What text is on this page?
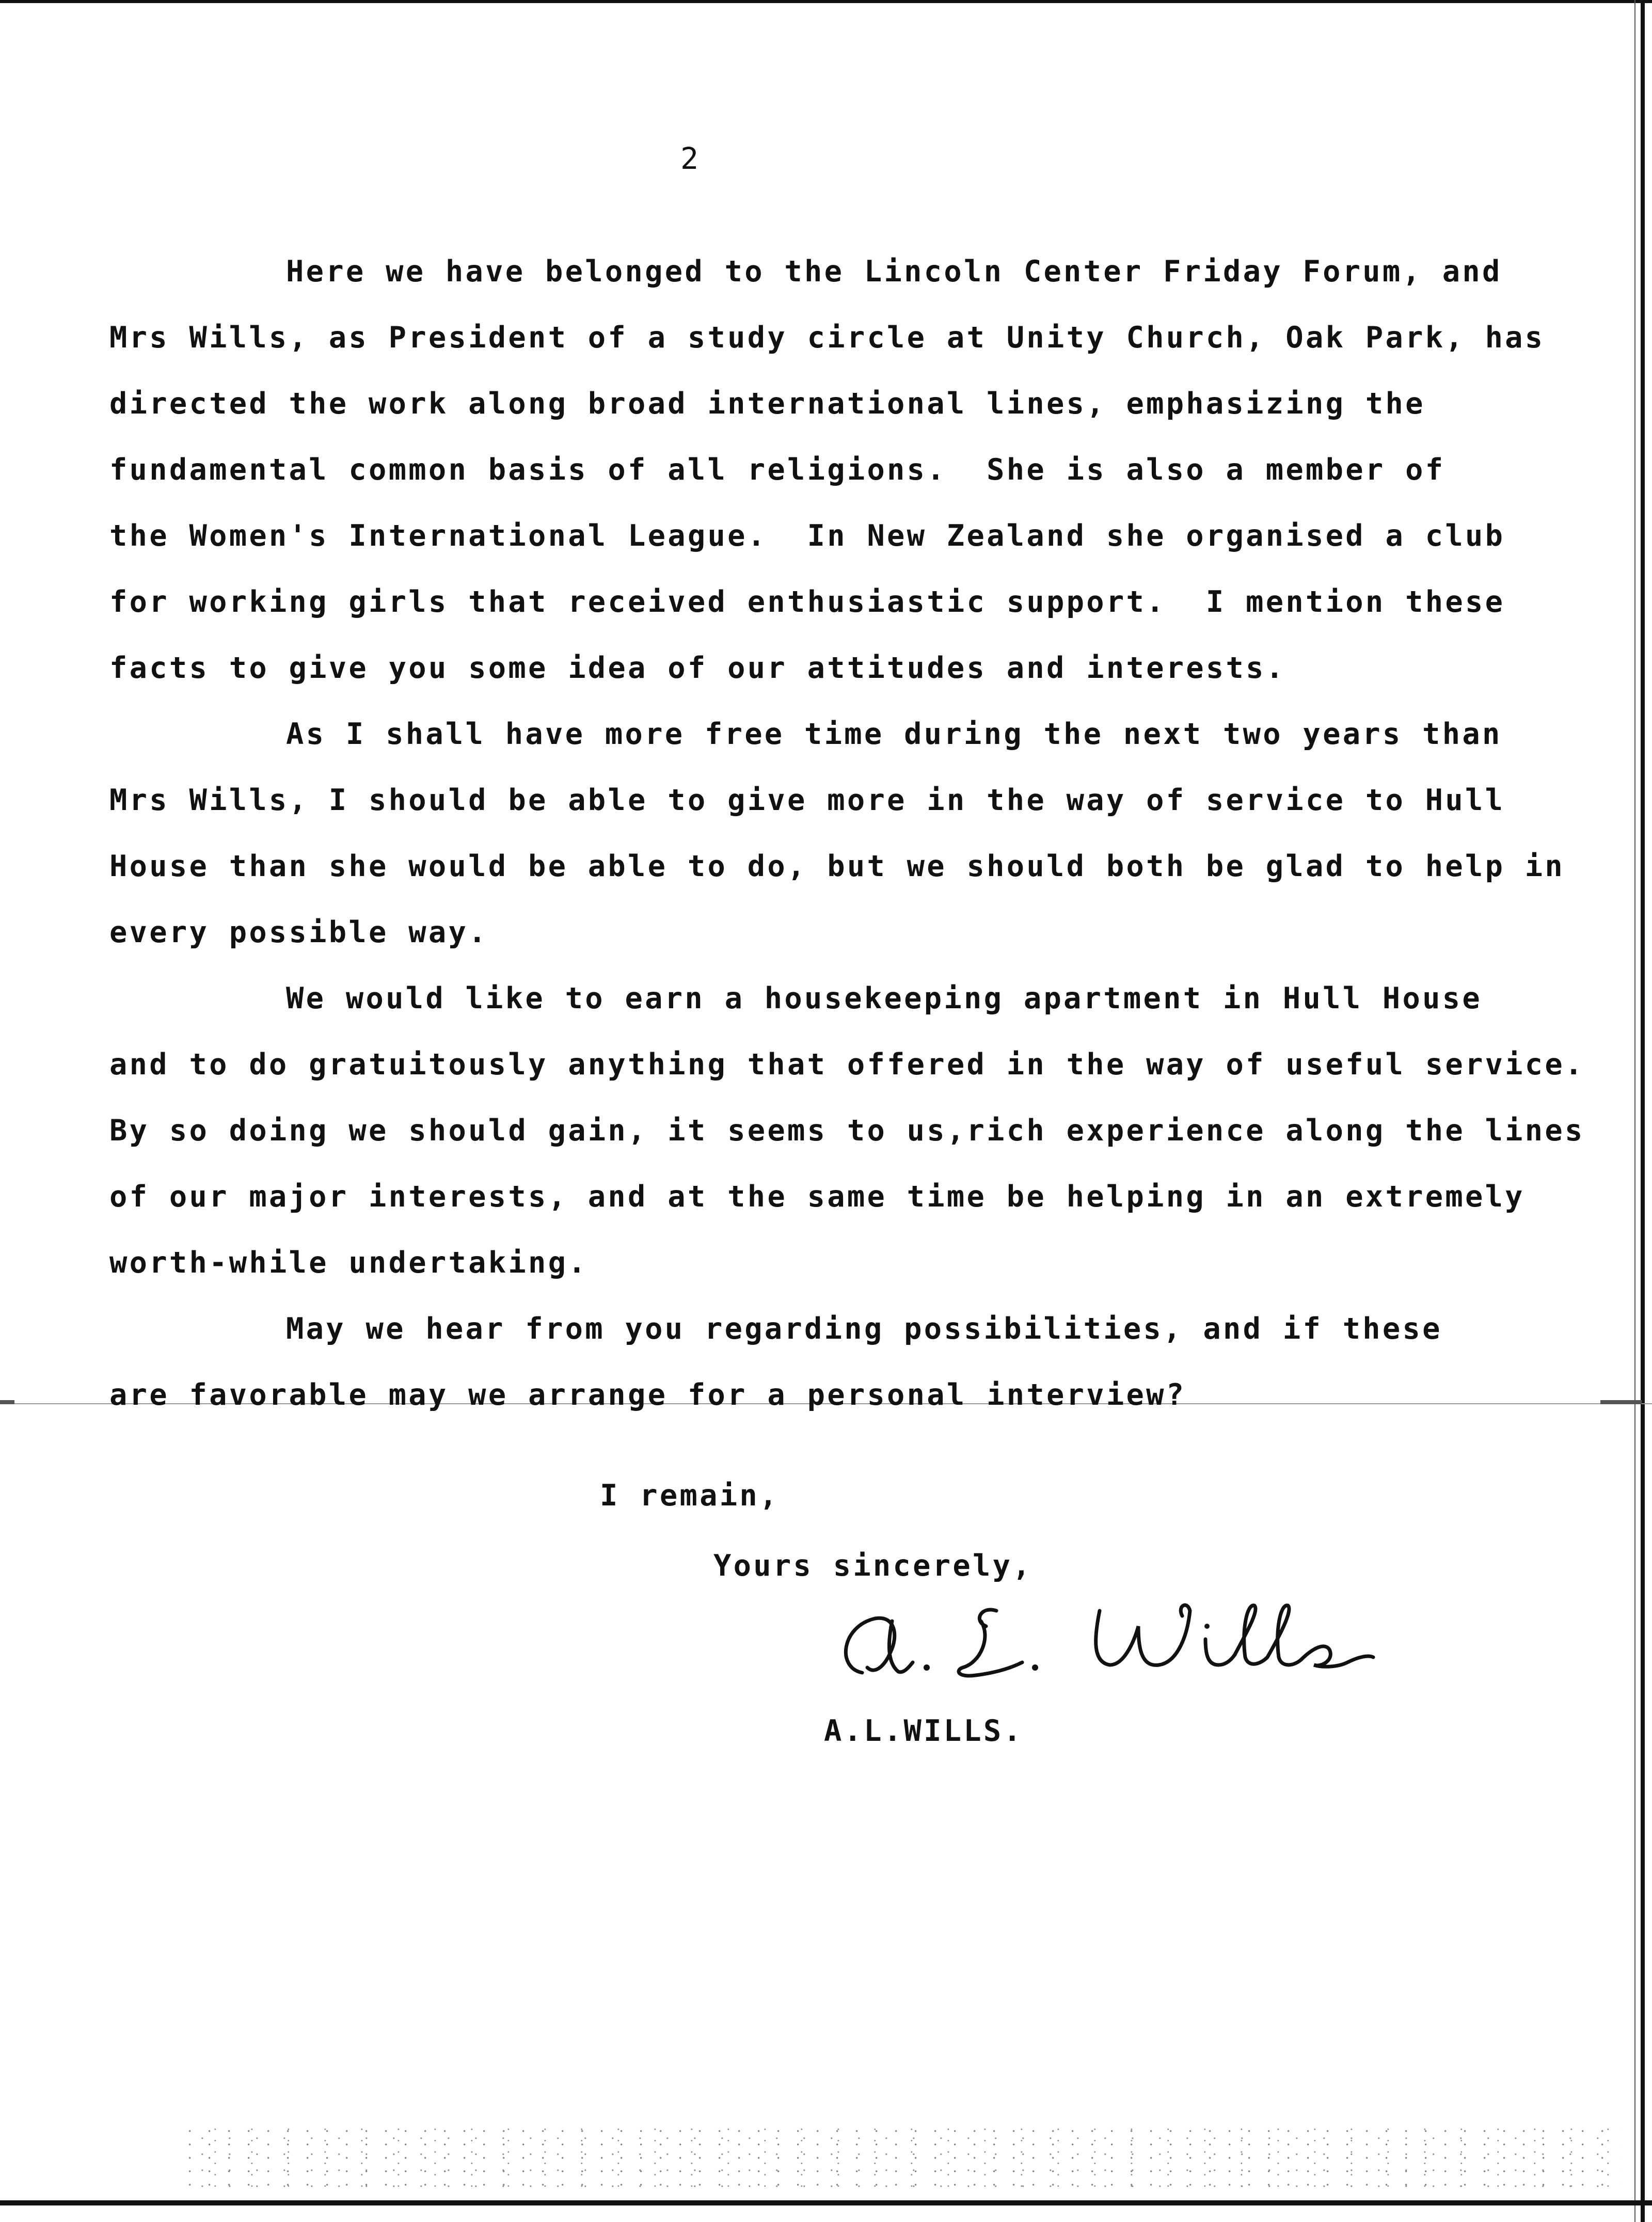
2
Here we have belonged to the Lincoln Center Friday Forum, and
Mrs Wills, as President of a study circle at Unity Church, Oak Park, has
directed the work along broad international lines, emphasizing the
fundamental common basis of all religions.  She is also a member of
the Women's International League.  In New Zealand she organised a club
for working girls that received enthusiastic support.  I mention these
facts to give you some idea of our attitudes and interests.
As I shall have more free time during the next two years than
Mrs Wills, I should be able to give more in the way of service to Hull
House than she would be able to do, but we should both be glad to help in
every possible way.
We would like to earn a housekeeping apartment in Hull House
and to do gratuitously anything that offered in the way of useful service.
By so doing we should gain, it seems to us,rich experience along the lines
of our major interests, and at the same time be helping in an extremely
worth-while undertaking.
May we hear from you regarding possibilities, and if these
are favorable may we arrange for a personal interview?
I remain,
Yours sincerely,
A.L.WILLS.
